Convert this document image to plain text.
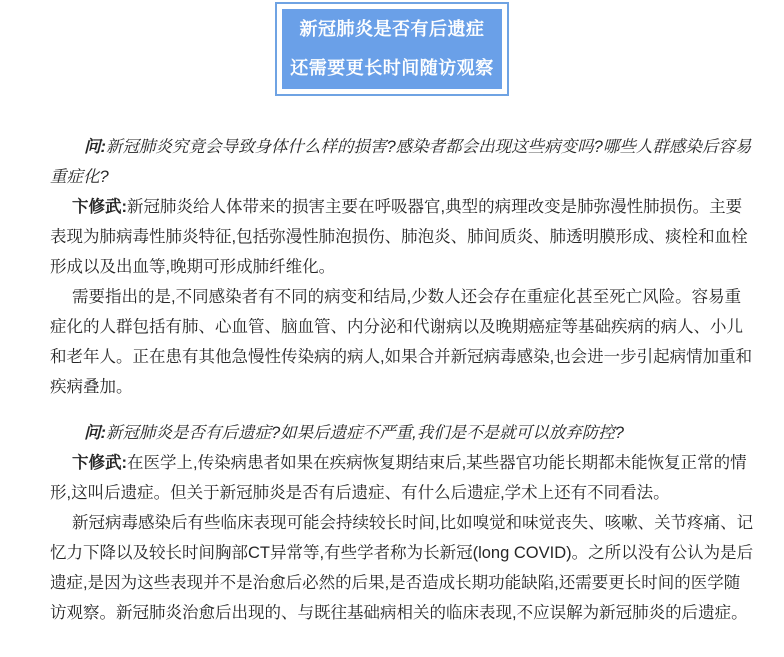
新冠肺炎是否有后遗症
还需要更长时间随访观察

问:新冠肺炎究竟会导致身体什么样的损害?感染者都会出现这些病变吗?哪些人群感染后容易重症化?

卞修武:新冠肺炎给人体带来的损害主要在呼吸器官,典型的病理改变是肺弥漫性肺损伤。主要表现为肺病毒性肺炎特征,包括弥漫性肺泡损伤、肺泡炎、肺间质炎、肺透明膜形成、痰栓和血栓形成以及出血等,晚期可形成肺纤维化。

需要指出的是,不同感染者有不同的病变和结局,少数人还会存在重症化甚至死亡风险。容易重症化的人群包括有肺、心血管、脑血管、内分泌和代谢病以及晚期癌症等基础疾病的病人、小儿和老年人。正在患有其他急慢性传染病的病人,如果合并新冠病毒感染,也会进一步引起病情加重和疾病叠加。

问:新冠肺炎是否有后遗症?如果后遗症不严重,我们是不是就可以放弃防控?

卞修武:在医学上,传染病患者如果在疾病恢复期结束后,某些器官功能长期都未能恢复正常的情形,这叫后遗症。但关于新冠肺炎是否有后遗症、有什么后遗症,学术上还有不同看法。

新冠病毒感染后有些临床表现可能会持续较长时间,比如嗅觉和味觉丧失、咳嗽、关节疼痛、记忆力下降以及较长时间胸部CT异常等,有些学者称为长新冠(long COVID)。之所以没有公认为是后遗症,是因为这些表现并不是治愈后必然的后果,是否造成长期功能缺陷,还需要更长时间的医学随访观察。新冠肺炎治愈后出现的、与既往基础病相关的临床表现,不应误解为新冠肺炎的后遗症。
